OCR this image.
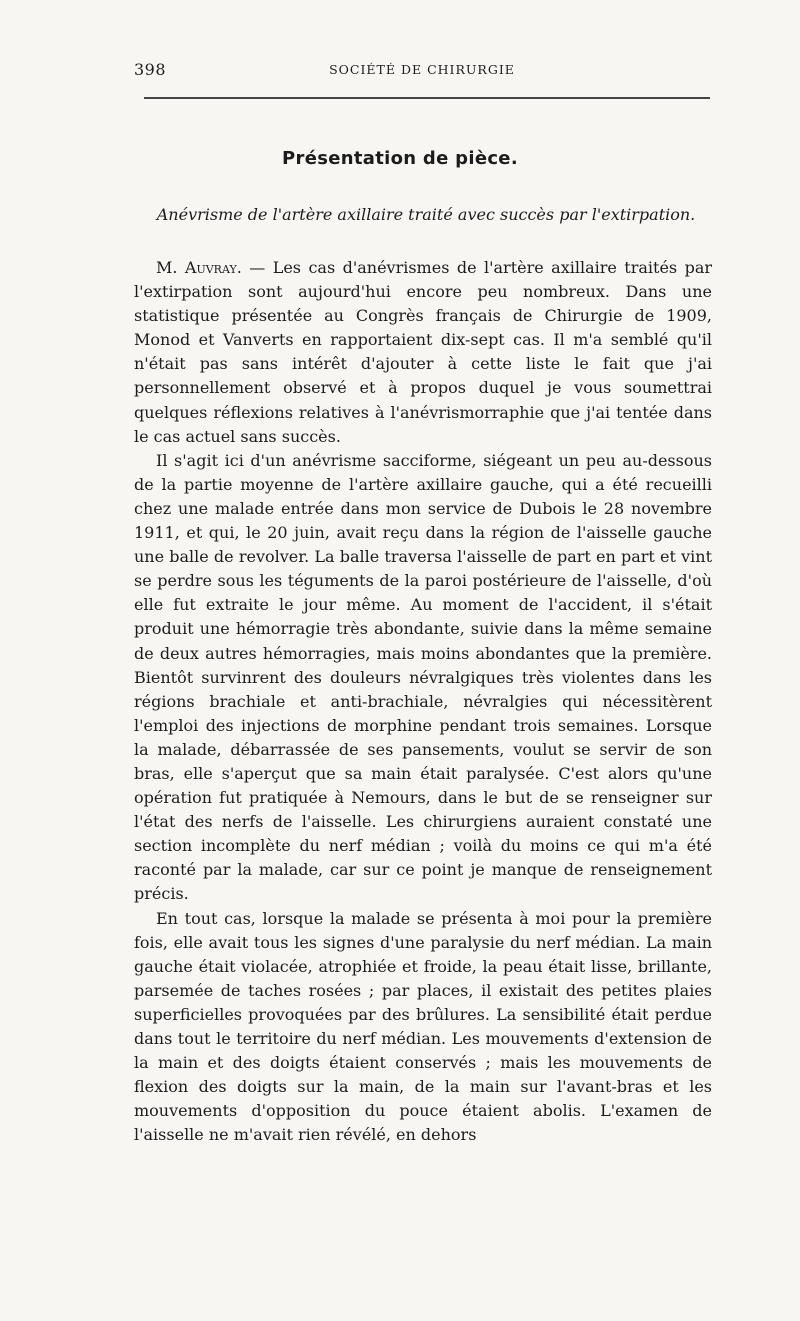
398	SOCIÉTÉ DE CHIRURGIE
Présentation de pièce.
Anévrisme de l'artère axillaire traité avec succès par l'extirpation.

M. Auvray. — Les cas d'anévrismes de l'artère axillaire traités par l'extirpation sont aujourd'hui encore peu nombreux. Dans une statistique présentée au Congrès français de Chirurgie de 1909, Monod et Vanverts en rapportaient dix-sept cas. Il m'a semblé qu'il n'était pas sans intérêt d'ajouter à cette liste le fait que j'ai personnellement observé et à propos duquel je vous soumettrai quelques réflexions relatives à l'anévrismorraphie que j'ai tentée dans le cas actuel sans succès.

Il s'agit ici d'un anévrisme sacciforme, siégeant un peu au-dessous de la partie moyenne de l'artère axillaire gauche, qui a été recueilli chez une malade entrée dans mon service de Dubois le 28 novembre 1911, et qui, le 20 juin, avait reçu dans la région de l'aisselle gauche une balle de revolver. La balle traversa l'aisselle de part en part et vint se perdre sous les téguments de la paroi postérieure de l'aisselle, d'où elle fut extraite le jour même. Au moment de l'accident, il s'était produit une hémorragie très abondante, suivie dans la même semaine de deux autres hémorragies, mais moins abondantes que la première. Bientôt survinrent des douleurs névralgiques très violentes dans les régions brachiale et anti-brachiale, névralgies qui nécessitèrent l'emploi des injections de morphine pendant trois semaines. Lorsque la malade, débarrassée de ses pansements, voulut se servir de son bras, elle s'aperçut que sa main était paralysée. C'est alors qu'une opération fut pratiquée à Nemours, dans le but de se renseigner sur l'état des nerfs de l'aisselle. Les chirurgiens auraient constaté une section incomplète du nerf médian ; voilà du moins ce qui m'a été raconté par la malade, car sur ce point je manque de renseignement précis.

En tout cas, lorsque la malade se présenta à moi pour la première fois, elle avait tous les signes d'une paralysie du nerf médian. La main gauche était violacée, atrophiée et froide, la peau était lisse, brillante, parsemée de taches rosées ; par places, il existait des petites plaies superficielles provoquées par des brûlures. La sensibilité était perdue dans tout le territoire du nerf médian. Les mouvements d'extension de la main et des doigts étaient conservés ; mais les mouvements de flexion des doigts sur la main, de la main sur l'avant-bras et les mouvements d'opposition du pouce étaient abolis. L'examen de l'aisselle ne m'avait rien révélé, en dehors
